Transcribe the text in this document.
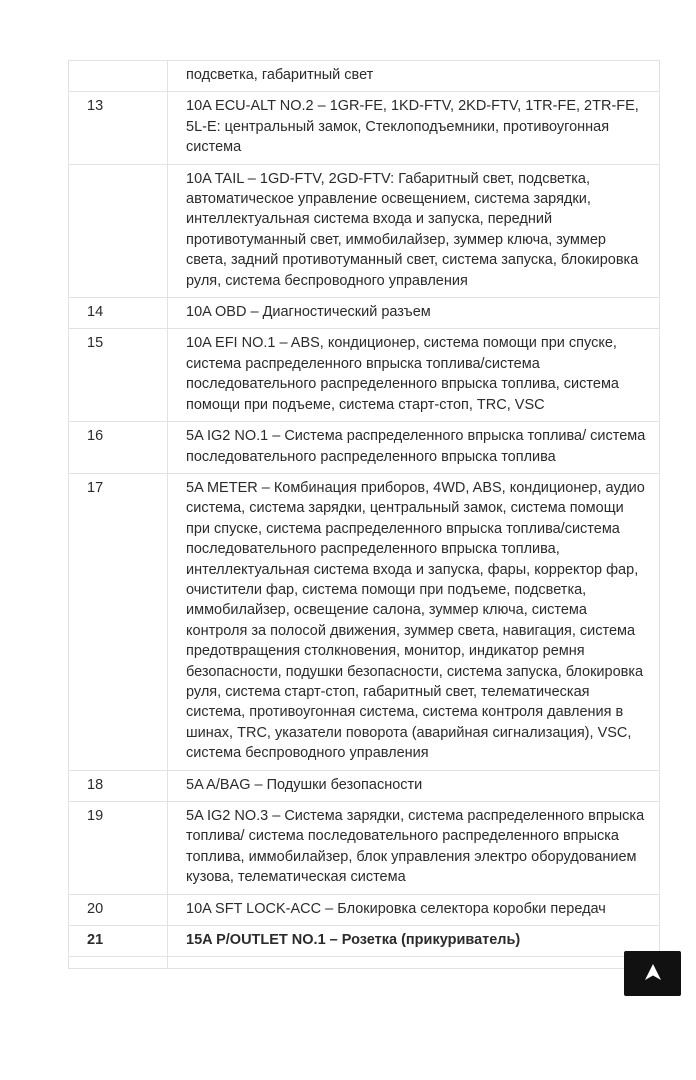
	подсветка, габаритный свет
13	10A ECU-ALT NO.2 – 1GR-FE, 1KD-FTV, 2KD-FTV, 1TR-FE, 2TR-FE, 5L-E: центральный замок, Стеклоподъемники, противоугонная система
	10A TAIL – 1GD-FTV, 2GD-FTV: Габаритный свет, подсветка, автоматическое управление освещением, система зарядки, интеллектуальная система входа и запуска, передний противотуманный свет, иммобилайзер, зуммер ключа, зуммер света, задний противотуманный свет, система запуска, блокировка руля, система беспроводного управления
14	10A OBD – Диагностический разъем
15	10A EFI NO.1 – ABS, кондиционер, система помощи при спуске, система распределенного впрыска топлива/система последовательного распределенного впрыска топлива, система помощи при подъеме, система старт-стоп, TRC, VSC
16	5A IG2 NO.1 – Система распределенного впрыска топлива/ система последовательного распределенного впрыска топлива
17	5A METER – Комбинация приборов, 4WD, ABS, кондиционер, аудио система, система зарядки, центральный замок, система помощи при спуске, система распределенного впрыска топлива/система последовательного распределенного впрыска топлива, интеллектуальная система входа и запуска, фары, корректор фар, очистители фар, система помощи при подъеме, подсветка, иммобилайзер, освещение салона, зуммер ключа, система контроля за полосой движения, зуммер света, навигация, система предотвращения столкновения, монитор, индикатор ремня безопасности, подушки безопасности, система запуска, блокировка руля, система старт-стоп, габаритный свет, телематическая система, противоугонная система, система контроля давления в шинах, TRC, указатели поворота (аварийная сигнализация), VSC, система беспроводного управления
18	5A A/BAG – Подушки безопасности
19	5A IG2 NO.3 – Система зарядки, система распределенного впрыска топлива/ система последовательного распределенного впрыска топлива, иммобилайзер, блок управления электро оборудованием кузова, телематическая система
20	10A SFT LOCK-ACC – Блокировка селектора коробки передач
21	15A P/OUTLET NO.1 – Розетка (прикуриватель)
